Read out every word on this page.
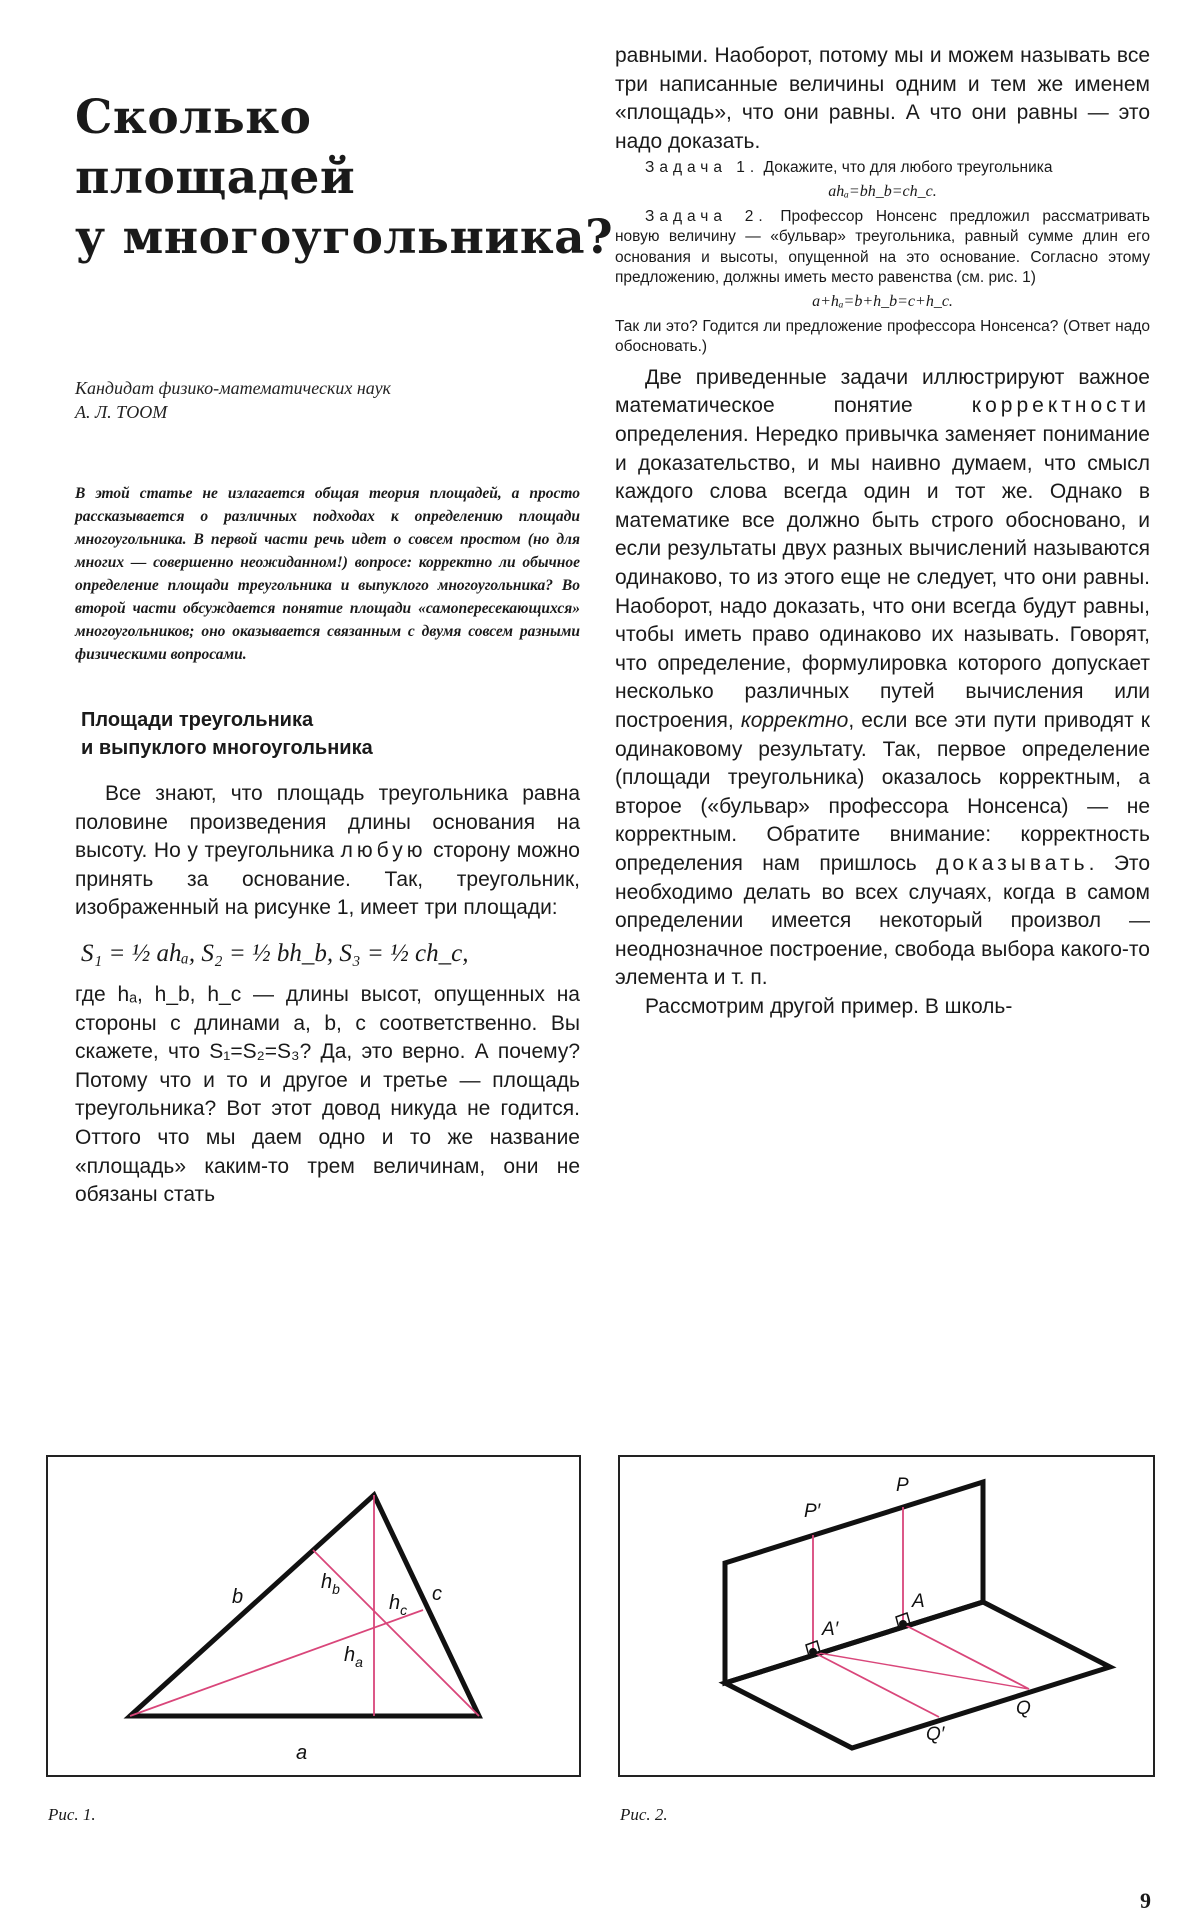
Сколько
площадей
у многоугольника?
Кандидат физико-математических наук
А. Л. ТООМ
В этой статье не излагается общая теория площадей, а просто рассказывается о различных подходах к определению площади многоугольника. В первой части речь идет о совсем простом (но для многих — совершенно неожиданном!) вопросе: корректно ли обычное определение площади треугольника и выпуклого многоугольника? Во второй части обсуждается понятие площади «самопересекающихся» многоугольников; оно оказывается связанным с двумя совсем разными физическими вопросами.
Площади треугольника
и выпуклого многоугольника

Все знают, что площадь треугольника равна половине произведения длины основания на высоту. Но у треугольника любую сторону можно принять за основание. Так, треугольник, изображенный на рисунке 1, имеет три площади:

S₁ = ½ ahₐ, S₂ = ½ bh_b, S₃ = ½ ch_c,

где hₐ, h_b, h_c — длины высот, опущенных на стороны с длинами a, b, c соответственно. Вы скажете, что S₁=S₂=S₃? Да, это верно. А почему? Потому что и то и другое и третье — площадь треугольника? Вот этот довод никуда не годится. Оттого что мы даем одно и то же название «площадь» каким-то трем величинам, они не обязаны стать

равными. Наоборот, потому мы и можем называть все три написанные величины одним и тем же именем «площадь», что они равны. А что они равны — это надо доказать.

Задача 1. Докажите, что для любого треугольника

ahₐ=bh_b=ch_c.

Задача 2. Профессор Нонсенс предложил рассматривать новую величину — «бульвар» треугольника, равный сумме длин его основания и высоты, опущенной на это основание. Согласно этому предложению, должны иметь место равенства (см. рис. 1)

a+hₐ=b+h_b=c+h_c.

Так ли это? Годится ли предложение профессора Нонсенса? (Ответ надо обосновать.)

Две приведенные задачи иллюстрируют важное математическое понятие корректности определения. Нередко привычка заменяет понимание и доказательство, и мы наивно думаем, что смысл каждого слова всегда один и тот же. Однако в математике все должно быть строго обосновано, и если результаты двух разных вычислений называются одинаково, то из этого еще не следует, что они равны. Наоборот, надо доказать, что они всегда будут равны, чтобы иметь право одинаково их называть. Говорят, что определение, формулировка которого допускает несколько различных путей вычисления или построения, корректно, если все эти пути приводят к одинаковому результату. Так, первое определение (площади треугольника) оказалось корректным, а второе («бульвар» профессора Нонсенса) — не корректным. Обратите внимание: корректность определения нам пришлось доказывать. Это необходимо делать во всех случаях, когда в самом определении имеется некоторый произвол — неоднозначное построение, свобода выбора какого-то элемента и т. п.

Рассмотрим другой пример. В школь-

a
b	c
$h_b$
$h_c$
$h_a$
Рис. 1.
P
P′
A
A′
Q
Q′
Рис. 2.
9
